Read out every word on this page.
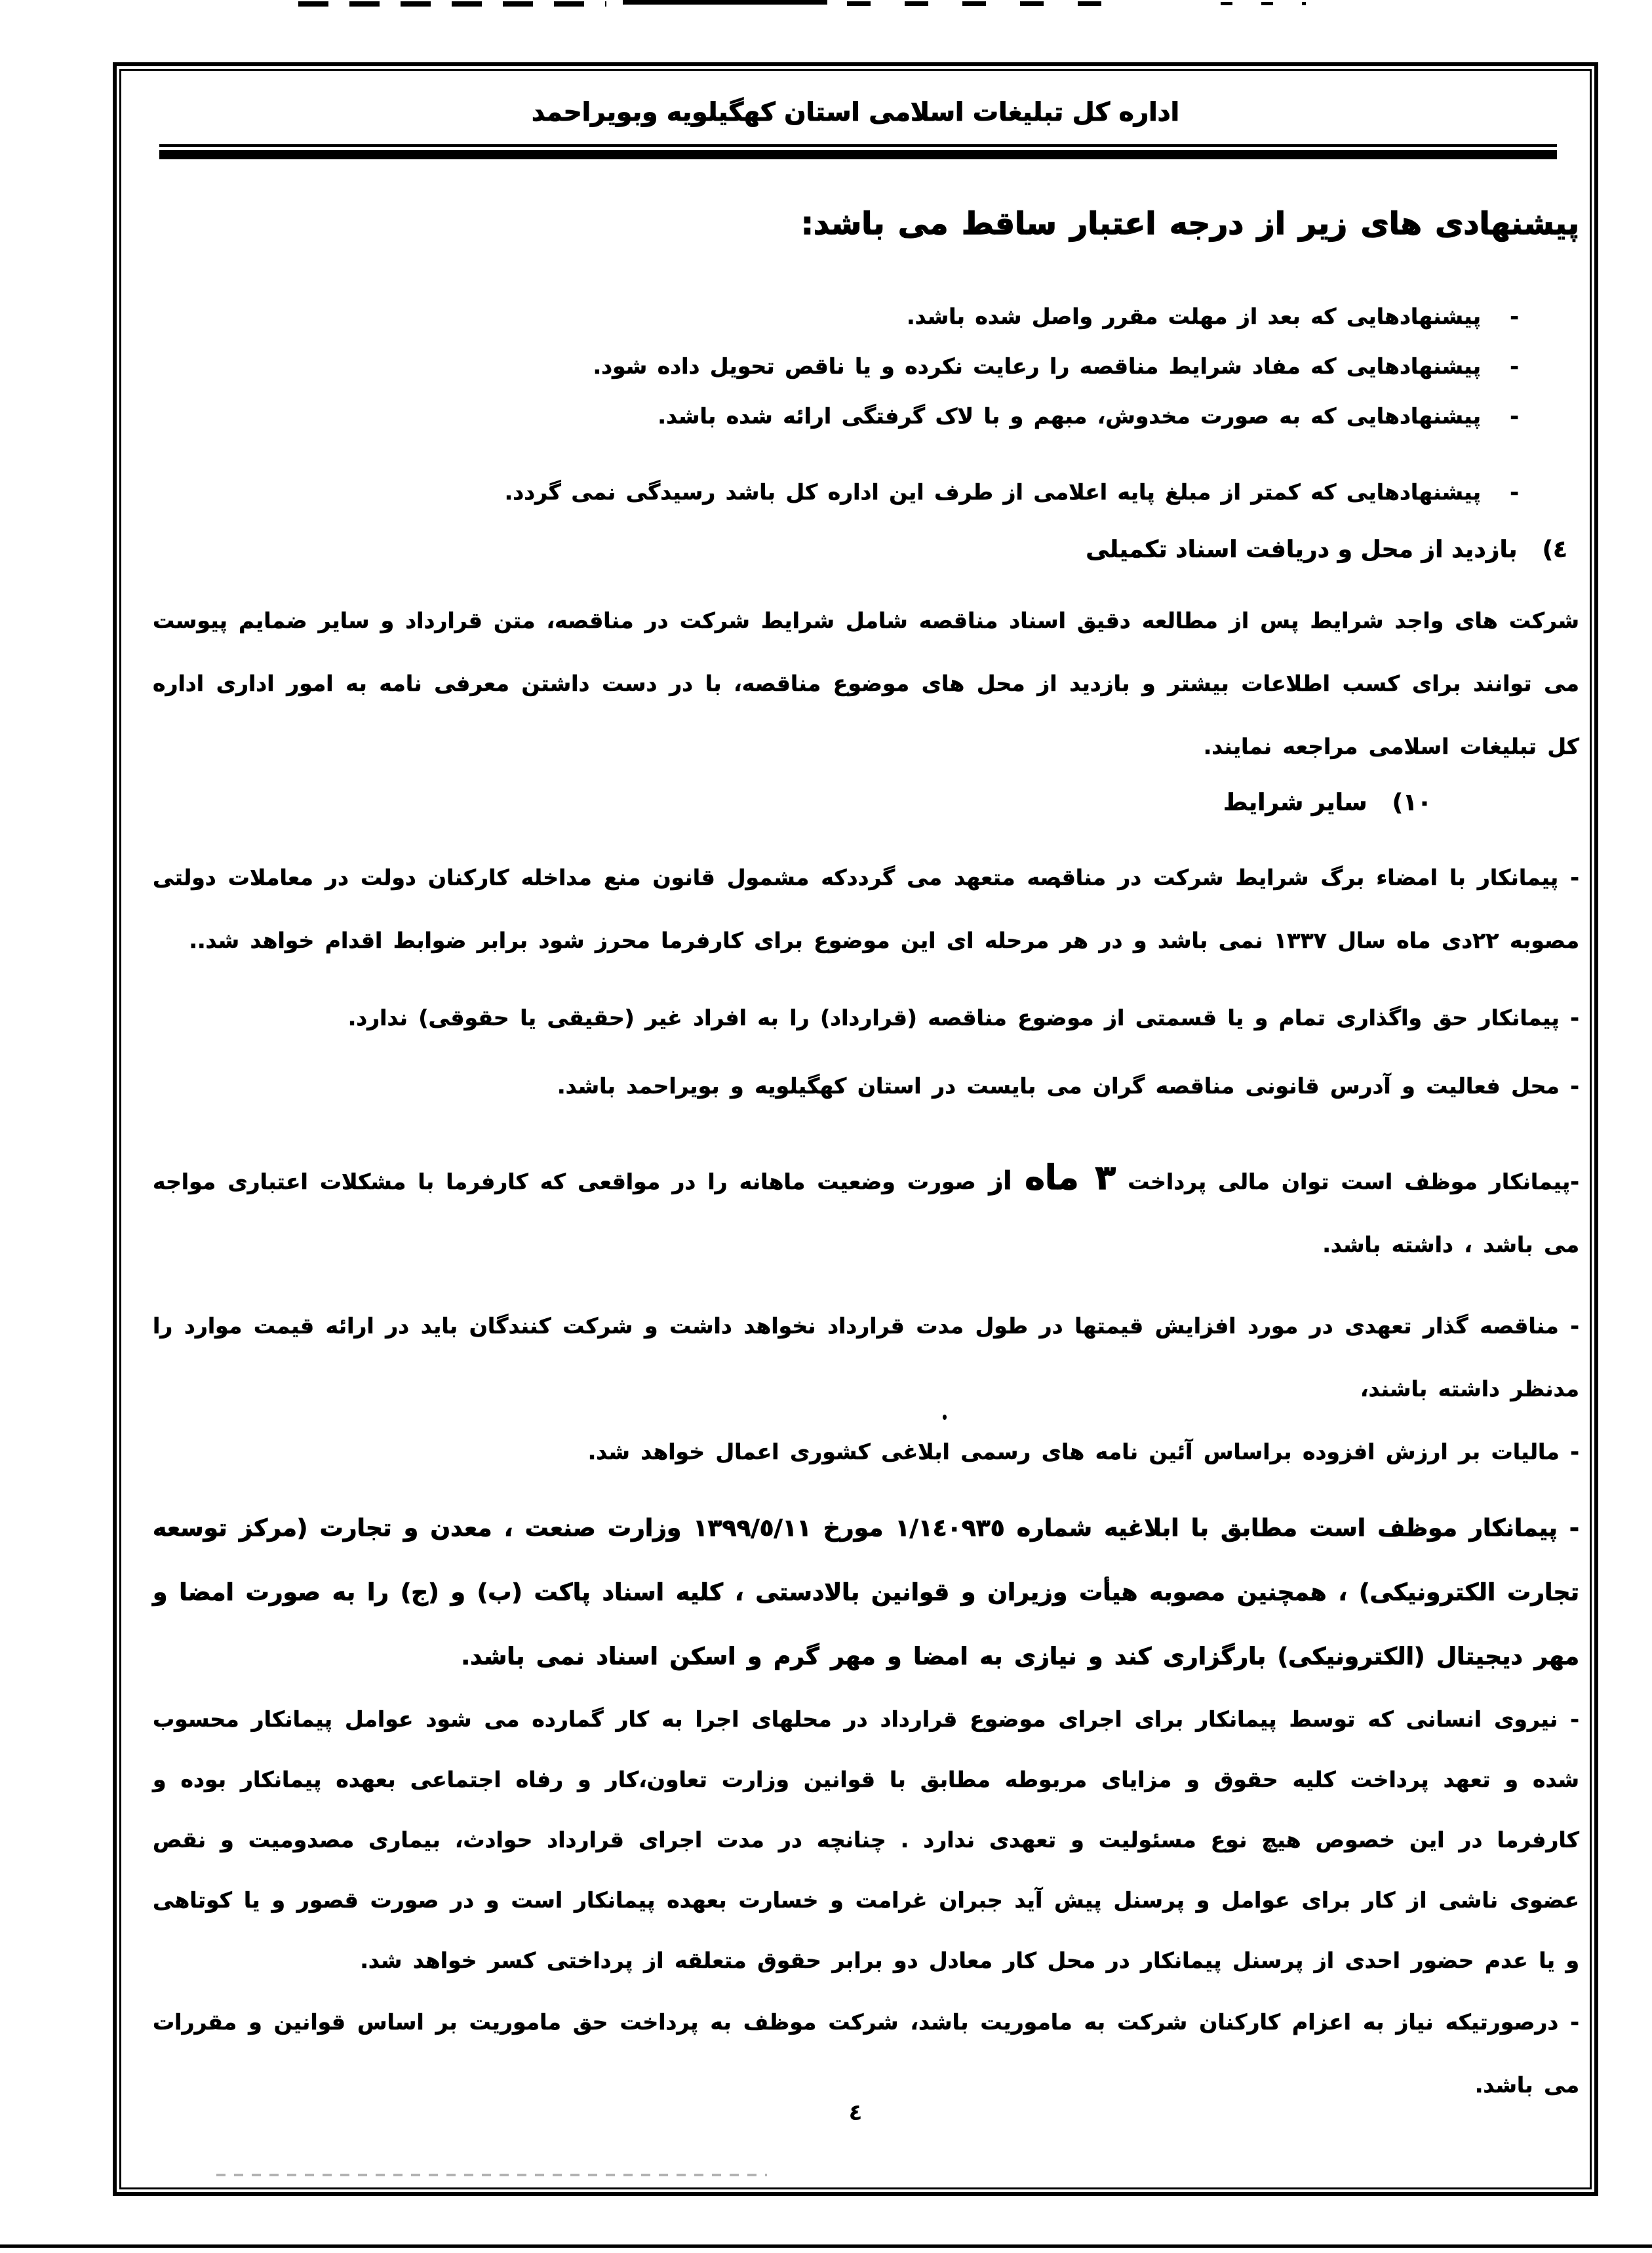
اداره کل تبلیغات اسلامی استان کهگیلویه وبویراحمد
پیشنهادی های زیر از درجه اعتبار ساقط می باشد:
-
پیشنهادهایی که بعد از مهلت مقرر واصل شده باشد.
-
پیشنهادهایی که مفاد شرایط مناقصه را رعایت نکرده و یا ناقص تحویل داده شود.
-
پیشنهادهایی که به صورت مخدوش، مبهم و با لاک گرفتگی ارائه شده باشد.
-
پیشنهادهایی که کمتر از مبلغ پایه اعلامی از طرف این اداره کل باشد رسیدگی نمی گردد.
٤)بازدید از محل و دریافت اسناد تکمیلی

شرکت های واجد شرایط پس از مطالعه دقیق اسناد مناقصه شامل شرایط شرکت در مناقصه، متن قرارداد و سایر ضمایم پیوست می توانند برای کسب اطلاعات بیشتر و بازدید از محل های موضوع مناقصه، با در دست داشتن معرفی نامه به امور اداری اداره کل تبلیغات اسلامی مراجعه نمایند.

۱۰)سایر شرایط

- پیمانکار با امضاء برگ شرایط شرکت در مناقصه متعهد می گرددکه مشمول قانون منع مداخله کارکنان دولت در معاملات دولتی مصوبه ۲۲دی ماه سال ۱۳۳۷ نمی باشد و در هر مرحله ای این موضوع برای کارفرما محرز شود برابر ضوابط اقدام خواهد شد..

- پیمانکار حق واگذاری تمام و یا قسمتی از موضوع مناقصه (قرارداد) را به افراد غیر (حقیقی یا حقوقی) ندارد.

- محل فعالیت و آدرس قانونی مناقصه گران می بایست در استان کهگیلویه و بویراحمد باشد.

-پیمانکار موظف است توان مالی پرداخت ۳ ماه از صورت وضعیت ماهانه را در مواقعی که کارفرما با مشکلات اعتباری مواجه می باشد ، داشته باشد.

- مناقصه گذار تعهدی در مورد افزایش قیمتها در طول مدت قرارداد نخواهد داشت و شرکت کنندگان باید در ارائه قیمت موارد را مدنظر داشته باشند،

- مالیات بر ارزش افزوده براساس آئین نامه های رسمی ابلاغی کشوری اعمال خواهد شد.

- پیمانکار موظف است مطابق با ابلاغیه شماره ۱/۱٤۰۹۳٥ مورخ ۱۳۹۹/٥/۱۱ وزارت صنعت ، معدن و تجارت (مرکز توسعه تجارت الکترونیکی) ، همچنین مصوبه هیأت وزیران و قوانین بالادستی ، کلیه اسناد پاکت (ب) و (ج) را به صورت امضا و مهر دیجیتال (الکترونیکی) بارگزاری کند و نیازی به امضا و مهر گرم و اسکن اسناد نمی باشد.

- نیروی انسانی که توسط پیمانکار برای اجرای موضوع قرارداد در محلهای اجرا به کار گمارده می شود عوامل پیمانکار محسوب شده و تعهد پرداخت کلیه حقوق و مزایای مربوطه مطابق با قوانین وزارت تعاون،کار و رفاه اجتماعی بعهده پیمانکار بوده و کارفرما در این خصوص هیچ نوع مسئولیت و تعهدی ندارد . چنانچه در مدت اجرای قرارداد حوادث، بیماری مصدومیت و نقص عضوی ناشی از کار برای عوامل و پرسنل پیش آید جبران غرامت و خسارت بعهده پیمانکار است و در صورت قصور و یا کوتاهی و یا عدم حضور احدی از پرسنل پیمانکار در محل کار معادل دو برابر حقوق متعلقه از پرداختی کسر خواهد شد.

- درصورتیکه نیاز به اعزام کارکنان شرکت به ماموریت باشد، شرکت موظف به پرداخت حق ماموریت بر اساس قوانین و مقررات می باشد.

٤
